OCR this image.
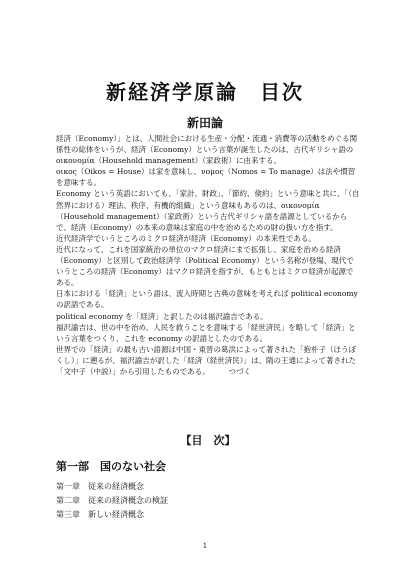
新経済学原論　目次
新田論

経済（Economy）」とは、人間社会における生産・分配・流通・消費等の活動をめぐる関係性の総体をいうが、経済（Economy）という言葉が誕生したのは、古代ギリシャ語のοικονομία（Household management）（家政術）に由来する。

οικος（Oikos = House）は家を意味し、νομος（Nomos = To manage）は法や慣習を意味する。

Economy という英語においても、「家計、財政」、「節約、倹約」という意味と共に、「（自然界における）理法、秩序、有機的組織」という意味もあるのは、οικονομία（Household management）（家政術）という古代ギリシャ語を語源としているからで、経済（Economy）の本来の意味は家庭の中を治めるための財の扱い方を指す。

近代経済学でいうところのミクロ経済が経済（Economy）の本来性である。

近代になって、これを国家統治の単位のマクロ経済にまで拡張し、家庭を治める経済（Economy）と区別して政治経済学（Political Economy）という名称が登場、現代でいうところの経済（Economy）はマクロ経済を指すが、もともとはミクロ経済が起源である。

日本における「経済」という語は、流入時期と古典の意味を考えれば political economy の訳語である。

political economy を「経済」と訳したのは福沢諭吉である。

福沢諭吉は、世の中を治め、人民を救うことを意味する「経世済民」を略して「経済」という言葉をつくり、これを economy の訳語としたのである。

世界での「経済」の最も古い語源は中国・東晋の葛洪によって著された「抱朴子（ほうぼくし）」に遡るが、福沢諭吉が訳した「経済（経世済民）」は、隋の王通によって著された「文中子（中説）」から引用したものである。　　　つづく

【目　次】
第一部　国のない社会
第一章　従来の経済概念
第二章　従来の経済概念の検証
第三章　新しい経済概念
1
